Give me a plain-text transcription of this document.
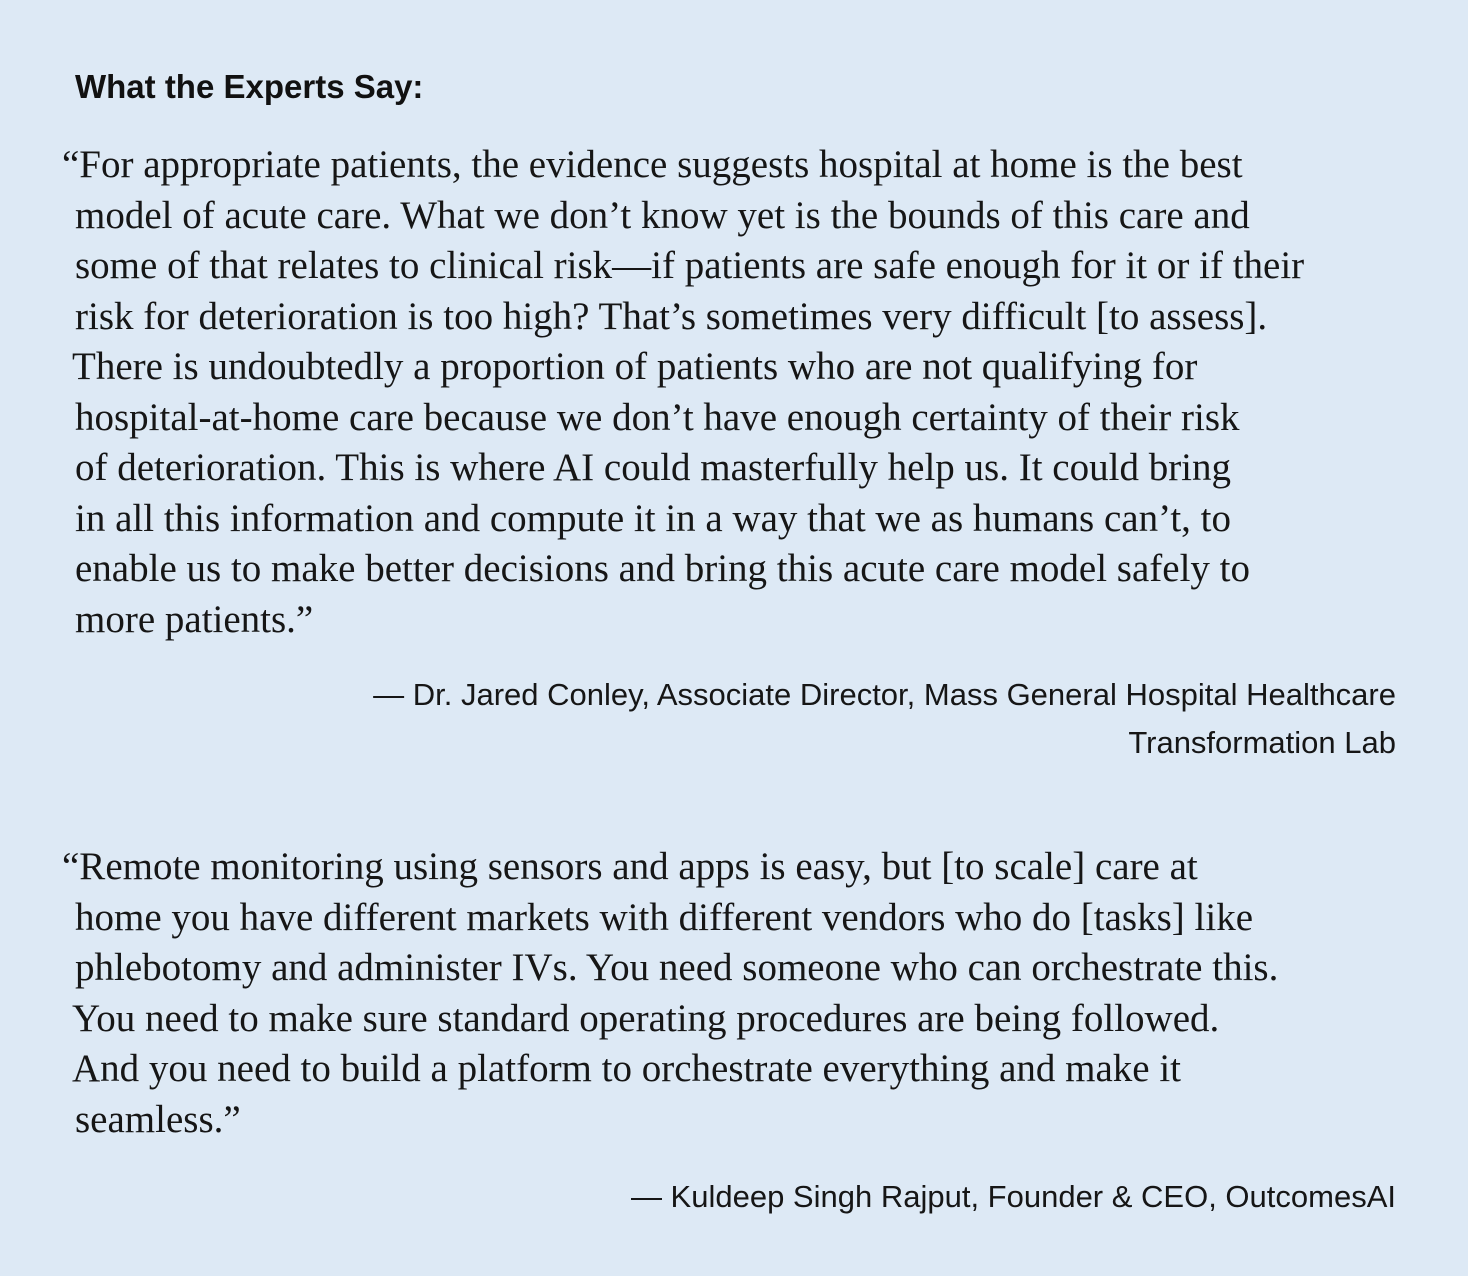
What the Experts Say:
“For appropriate patients, the evidence suggests hospital at home is the best
model of acute care. What we don’t know yet is the bounds of this care and
some of that relates to clinical risk—if patients are safe enough for it or if their
risk for deterioration is too high? That’s sometimes very difficult [to assess].
There is undoubtedly a proportion of patients who are not qualifying for
hospital-at-home care because we don’t have enough certainty of their risk
of deterioration. This is where AI could masterfully help us. It could bring
in all this information and compute it in a way that we as humans can’t, to
enable us to make better decisions and bring this acute care model safely to
more patients.”

— Dr. Jared Conley, Associate Director, Mass General Hospital Healthcare
Transformation Lab

“Remote monitoring using sensors and apps is easy, but [to scale] care at
home you have different markets with different vendors who do [tasks] like
phlebotomy and administer IVs. You need someone who can orchestrate this.
You need to make sure standard operating procedures are being followed.
And you need to build a platform to orchestrate everything and make it
seamless.”

— Kuldeep Singh Rajput, Founder & CEO, OutcomesAI
